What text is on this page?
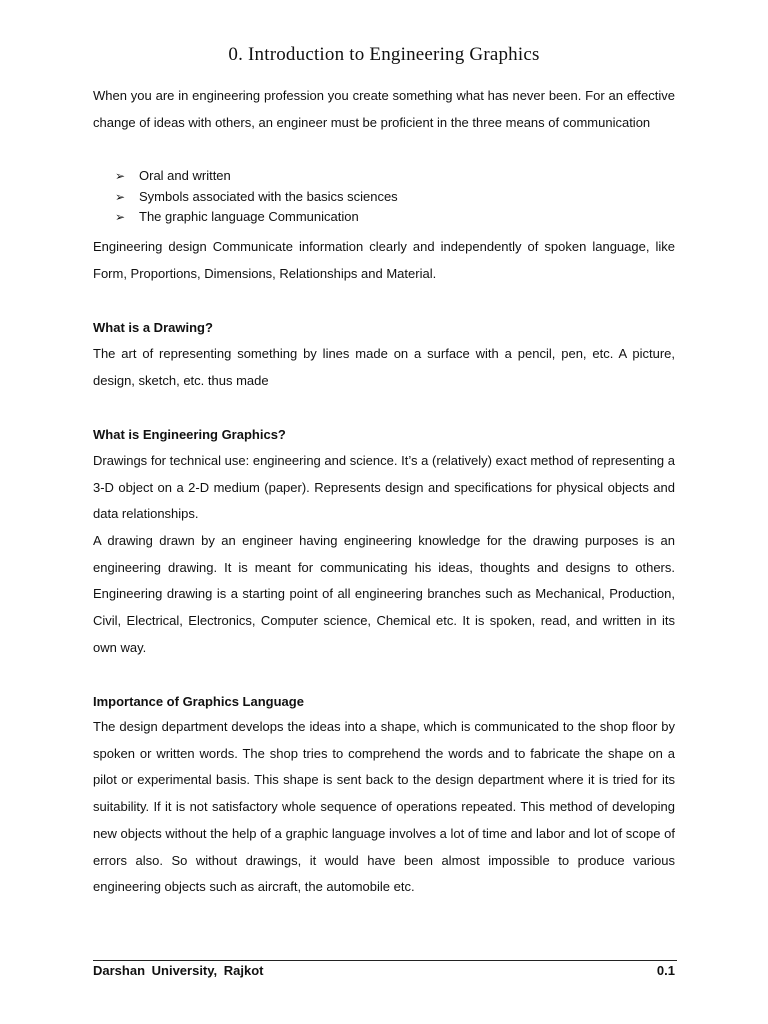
0. Introduction to Engineering Graphics
When you are in engineering profession you create something what has never been. For an effective change of ideas with others, an engineer must be proficient in the three means of communication
➢ Oral and written
➢ Symbols associated with the basics sciences
➢ The graphic language Communication
Engineering design Communicate information clearly and independently of spoken language, like Form, Proportions, Dimensions, Relationships and Material.
What is a Drawing?
The art of representing something by lines made on a surface with a pencil, pen, etc. A picture, design, sketch, etc. thus made
What is Engineering Graphics?
Drawings for technical use: engineering and science. It’s a (relatively) exact method of representing a 3-D object on a 2-D medium (paper). Represents design and specifications for physical objects and data relationships.
A drawing drawn by an engineer having engineering knowledge for the drawing purposes is an engineering drawing. It is meant for communicating his ideas, thoughts and designs to others. Engineering drawing is a starting point of all engineering branches such as Mechanical, Production, Civil, Electrical, Electronics, Computer science, Chemical etc. It is spoken, read, and written in its own way.
Importance of Graphics Language
The design department develops the ideas into a shape, which is communicated to the shop floor by spoken or written words. The shop tries to comprehend the words and to fabricate the shape on a pilot or experimental basis. This shape is sent back to the design department where it is tried for its suitability. If it is not satisfactory whole sequence of operations repeated. This method of developing new objects without the help of a graphic language involves a lot of time and labor and lot of scope of errors also. So without drawings, it would have been almost impossible to produce various engineering objects such as aircraft, the automobile etc.
Darshan University, Rajkot	0.1
